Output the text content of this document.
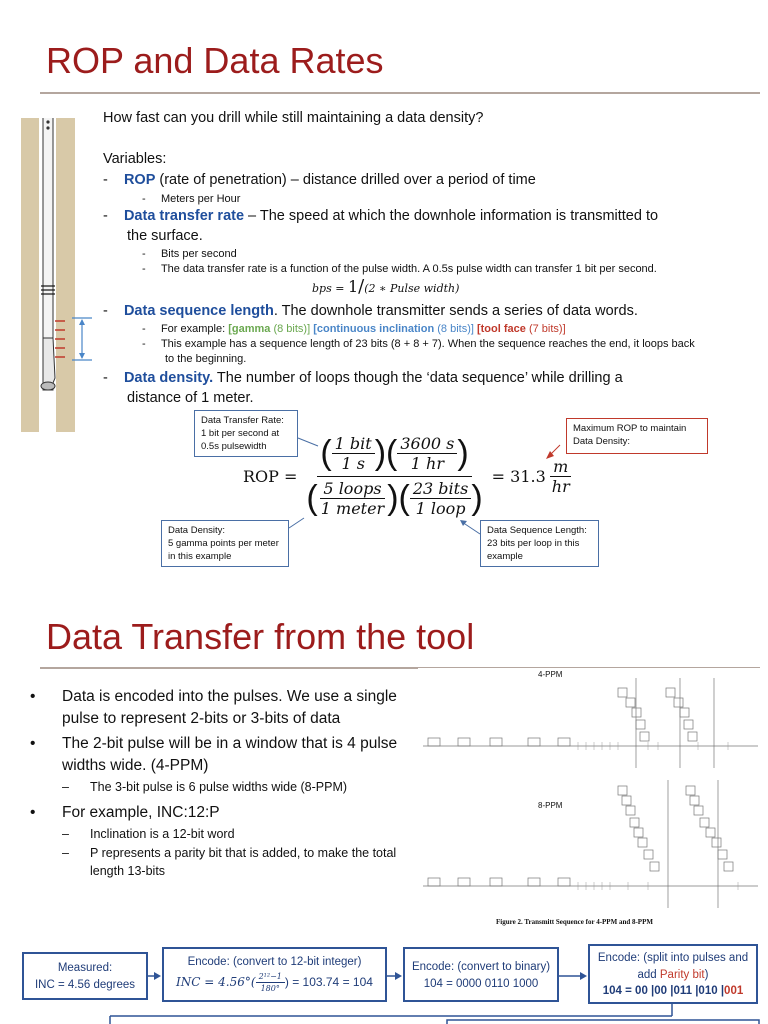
ROP and Data Rates
How fast can you drill while still maintaining a data density?
Variables:
-    ROP (rate of penetration) – distance drilled over a period of time
-     Meters per Hour
-    Data transfer rate – The speed at which the downhole information is transmitted to
the surface.
-     Bits per second
-     The data transfer rate is a function of the pulse width. A 0.5s pulse width can transfer 1 bit per second.
bps = 1/(2 ∗ Pulse width)
-    Data sequence length. The downhole transmitter sends a series of data words.
-     For example: [gamma (8 bits)] [continuous inclination (8 bits)] [tool face (7 bits)]
-     This example has a sequence length of 23 bits (8 + 8 + 7). When the sequence reaches the end, it loops back
to the beginning.
-    Data density. The number of loops though the ‘data sequence’ while drilling a
distance of 1 meter.
Data Transfer Rate:
1 bit per second at
0.5s pulsewidth
Maximum ROP to maintain
Data Density:
Data Density:
5 gamma points per meter
in this example
Data Sequence Length:
23 bits per loop in this
example
ROP =
( $\frac{\text{1 bit}}{1 s}$ )( $\frac{3600 s}{1 hr}$ )
( $\frac{\text{5 loops}}{\text{1 meter}}$ )( $\frac{\text{23 bits}}{\text{1 loop}}$ )
= $31.3 \frac{m}{hr}$
Data Transfer from the tool
•	Data is encoded into the pulses. We use a single pulse to represent 2-bits or 3-bits of data
•	The 2-bit pulse will be in a window that is 4 pulse widths wide. (4-PPM)
–	The 3-bit pulse is 6 pulse widths wide (8-PPM)
•	For example, INC:12:P
–	Inclination is a 12-bit word
–	P represents a parity bit that is added, to make the total length 13-bits
4-PPM
8-PPM
Figure 2. Transmitt Sequence for 4-PPM and 8-PPM
Measured:
INC = 4.56 degrees
Encode: (convert to 12-bit integer)
INC = $4.56^\circ( \frac{\text{2¹²−1}}{180^\circ}$ ) = 103.74 = 104
Encode: (convert to binary)
104 = 0000 0110 1000
Encode: (split into pulses and
add Parity bit)
104 = 00 |00 |011 |010 |001
